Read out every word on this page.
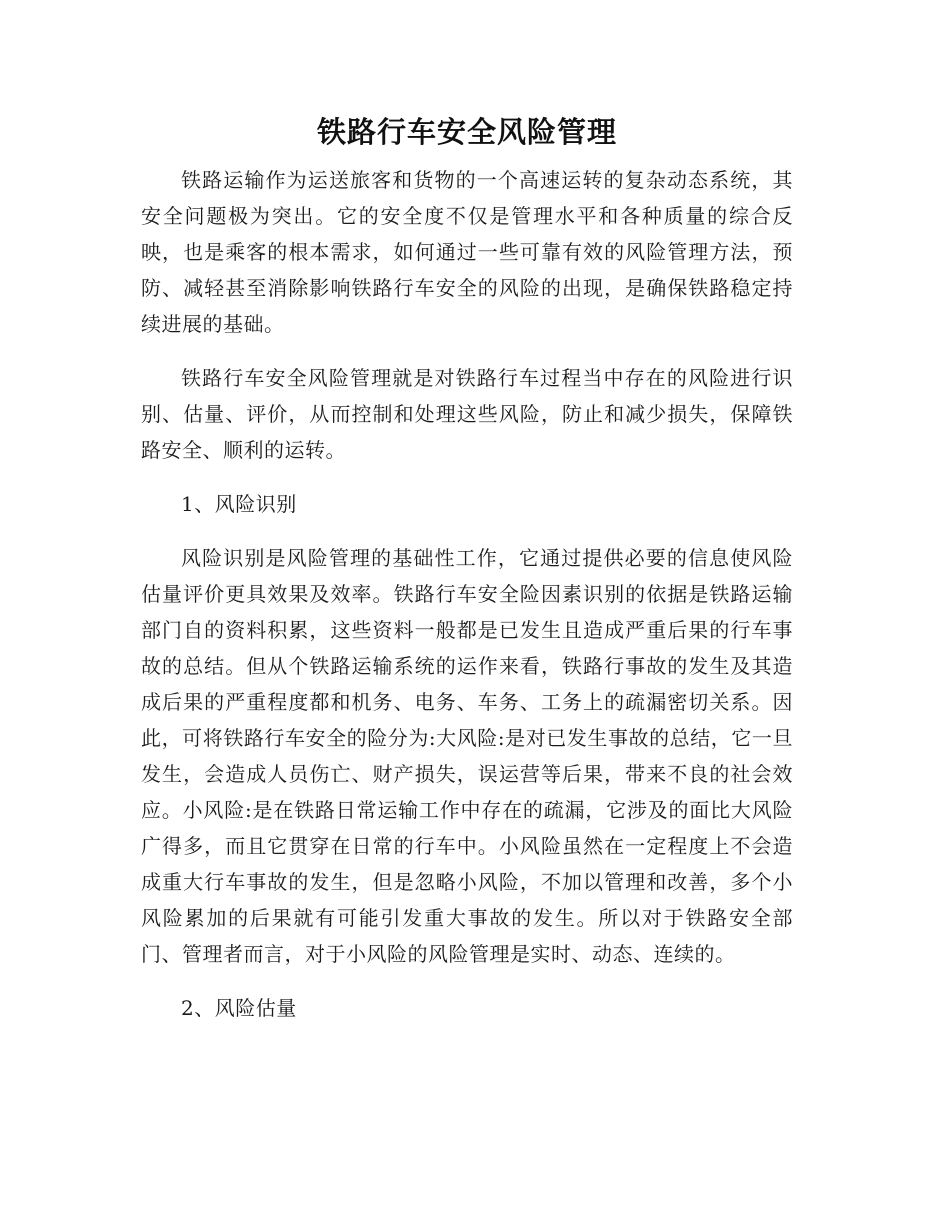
铁路行车安全风险管理

铁路运输作为运送旅客和货物的一个高速运转的复杂动态系统，其安全问题极为突出。它的安全度不仅是管理水平和各种质量的综合反映，也是乘客的根本需求，如何通过一些可靠有效的风险管理方法，预防、减轻甚至消除影响铁路行车安全的风险的出现，是确保铁路稳定持续进展的基础。

铁路行车安全风险管理就是对铁路行车过程当中存在的风险进行识别、估量、评价，从而控制和处理这些风险，防止和减少损失，保障铁路安全、顺利的运转。

1、风险识别

风险识别是风险管理的基础性工作，它通过提供必要的信息使风险估量评价更具效果及效率。铁路行车安全险因素识别的依据是铁路运输部门自的资料积累，这些资料一般都是已发生且造成严重后果的行车事故的总结。但从个铁路运输系统的运作来看，铁路行事故的发生及其造成后果的严重程度都和机务、电务、车务、工务上的疏漏密切关系。因此，可将铁路行车安全的险分为:大风险:是对已发生事故的总结，它一旦发生，会造成人员伤亡、财产损失，误运营等后果，带来不良的社会效应。小风险:是在铁路日常运输工作中存在的疏漏，它涉及的面比大风险广得多，而且它贯穿在日常的行车中。小风险虽然在一定程度上不会造成重大行车事故的发生，但是忽略小风险，不加以管理和改善，多个小风险累加的后果就有可能引发重大事故的发生。所以对于铁路安全部门、管理者而言，对于小风险的风险管理是实时、动态、连续的。

2、风险估量
